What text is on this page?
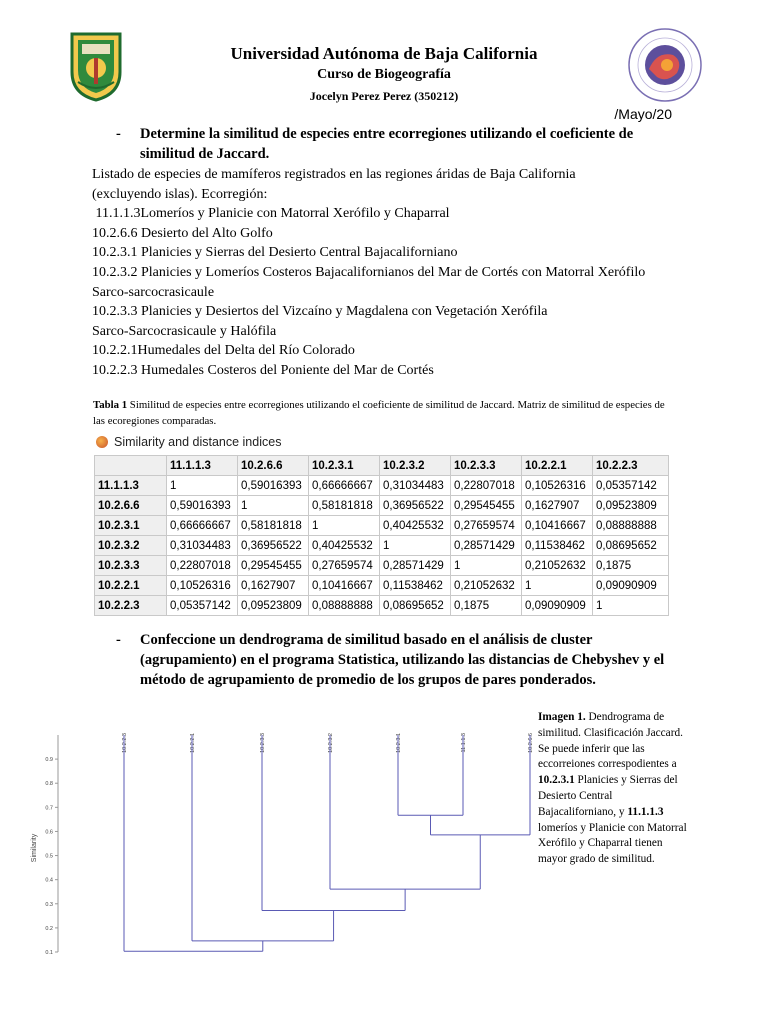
Universidad Autónoma de Baja California
Curso de Biogeografía
Jocelyn Perez Perez (350212)
/Mayo/20
- Determine la similitud de especies entre ecorregiones utilizando el coeficiente de similitud de Jaccard.
Listado de especies de mamíferos registrados en las regiones áridas de Baja California
(excluyendo islas). Ecorregión:
11.1.1.3Lomeríos y Planicie con Matorral Xerófilo y Chaparral
10.2.6.6 Desierto del Alto Golfo
10.2.3.1 Planicies y Sierras del Desierto Central Bajacaliforniano
10.2.3.2 Planicies y Lomeríos Costeros Bajacalifornianos del Mar de Cortés con Matorral Xerófilo
Sarco-sarcocrasicaule
10.2.3.3 Planicies y Desiertos del Vizcaíno y Magdalena con Vegetación Xerófila
Sarco-Sarcocrasicaule y Halófila
10.2.2.1Humedales del Delta del Río Colorado
10.2.2.3 Humedales Costeros del Poniente del Mar de Cortés
Tabla 1 Similitud de especies entre ecorregiones utilizando el coeficiente de similitud de Jaccard. Matriz de similitud de especies de las ecoregiones comparadas.
Similarity and distance indices
	11.1.1.3	10.2.6.6	10.2.3.1	10.2.3.2	10.2.3.3	10.2.2.1	10.2.2.3
11.1.1.3	1	0,59016393	0,66666667	0,31034483	0,22807018	0,10526316	0,05357142
10.2.6.6	0,59016393	1	0,58181818	0,36956522	0,29545455	0,1627907	0,09523809
10.2.3.1	0,66666667	0,58181818	1	0,40425532	0,27659574	0,10416667	0,08888888
10.2.3.2	0,31034483	0,36956522	0,40425532	1	0,28571429	0,11538462	0,08695652
10.2.3.3	0,22807018	0,29545455	0,27659574	0,28571429	1	0,21052632	0,1875
10.2.2.1	0,10526316	0,1627907	0,10416667	0,11538462	0,21052632	1	0,09090909
10.2.2.3	0,05357142	0,09523809	0,08888888	0,08695652	0,1875	0,09090909	1
- Confeccione un dendrograma de similitud basado en el análisis de cluster (agrupamiento) en el programa Statistica, utilizando las distancias de Chebyshev y el método de agrupamiento de promedio de los grupos de pares ponderados.
0.9
0.8
0.7
0.6
0.5
0.4
0.3
0.2
0.1
Similarity
10.2.2.3	10.2.2.1	10.2.3.3	10.2.3.2	10.2.3.1	11.1.1.3	10.2.6.6
Imagen 1. Dendrograma de similitud. Clasificación Jaccard. Se puede inferir que las eccorreiones correspodientes a 10.2.3.1 Planicies y Sierras del Desierto Central Bajacaliforniano, y 11.1.1.3 lomeríos y Planicie con Matorral Xerófilo y Chaparral tienen mayor grado de similitud.
